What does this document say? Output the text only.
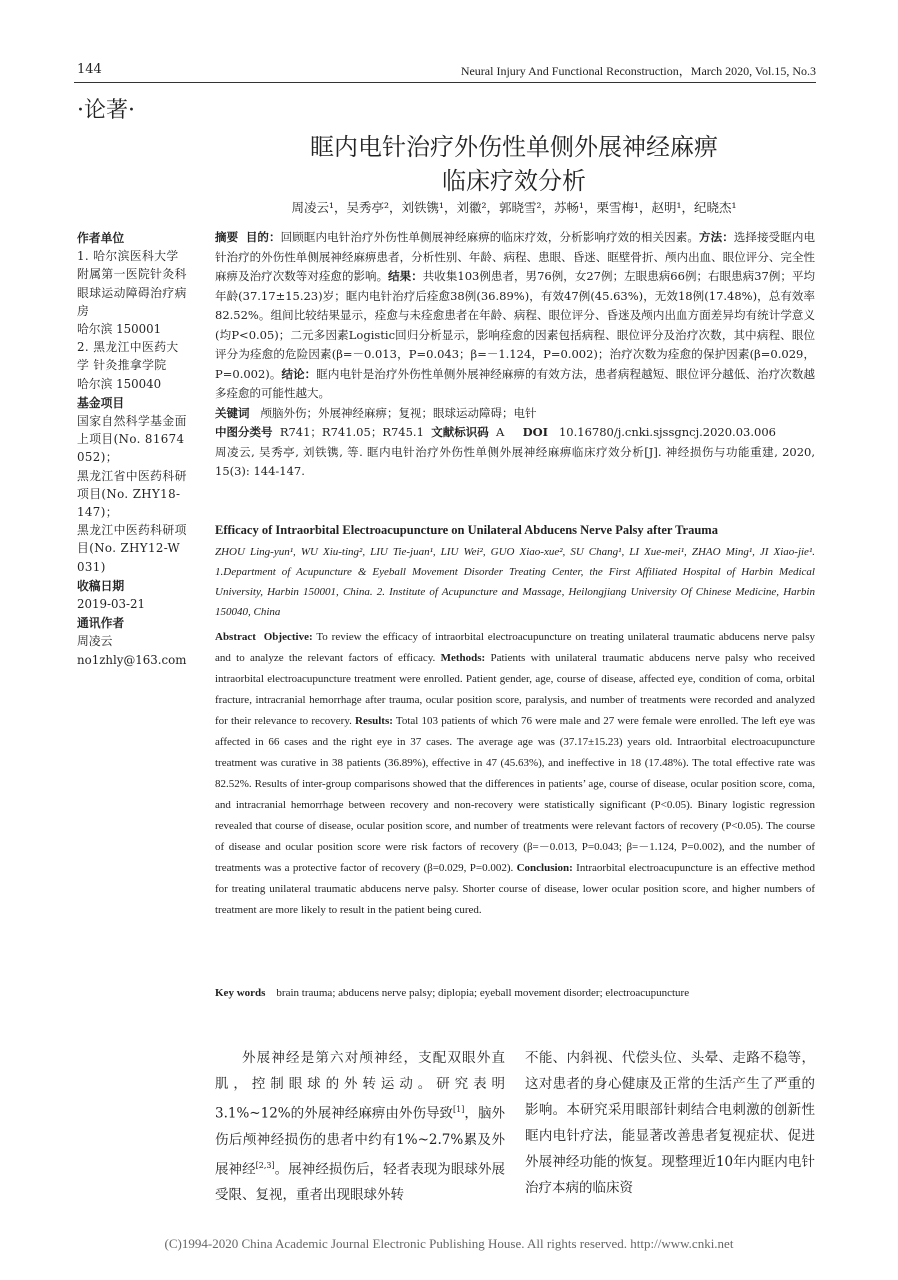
144	Neural Injury And Functional Reconstruction，March 2020, Vol.15, No.3
·论著·
眶内电针治疗外伤性单侧外展神经麻痹
临床疗效分析
周凌云¹，吴秀亭²，刘铁镌¹，刘徽²，郭晓雪²，苏畅¹，栗雪梅¹，赵明¹，纪晓杰¹
作者单位
1. 哈尔滨医科大学附属第一医院针灸科 眼球运动障碍治疗病房
哈尔滨 150001
2. 黑龙江中医药大学 针灸推拿学院
哈尔滨 150040
基金项目
国家自然科学基金面上项目(No. 81674052)；
黑龙江省中医药科研项目(No. ZHY18-147)；
黑龙江中医药科研项目(No. ZHY12-W031)
收稿日期
2019-03-21
通讯作者
周凌云
no1zhly@163.com
摘要 目的：回顾眶内电针治疗外伤性单侧展神经麻痹的临床疗效，分析影响疗效的相关因素。方法：选择接受眶内电针治疗的外伤性单侧展神经麻痹患者，分析性别、年龄、病程、患眼、昏迷、眶壁骨折、颅内出血、眼位评分、完全性麻痹及治疗次数等对痊愈的影响。结果：共收集103例患者，男76例，女27例；左眼患病66例；右眼患病37例；平均年龄(37.17±15.23)岁；眶内电针治疗后痊愈38例(36.89%)，有效47例(45.63%)，无效18例(17.48%)，总有效率82.52%。组间比较结果显示，痊愈与未痊愈患者在年龄、病程、眼位评分、昏迷及颅内出血方面差异均有统计学意义(均P<0.05)；二元多因素Logistic回归分析显示，影响痊愈的因素包括病程、眼位评分及治疗次数，其中病程、眼位评分为痊愈的危险因素(β=－0.013，P=0.043；β=－1.124，P=0.002)；治疗次数为痊愈的保护因素(β=0.029，P=0.002)。结论：眶内电针是治疗外伤性单侧外展神经麻痹的有效方法，患者病程越短、眼位评分越低、治疗次数越多痊愈的可能性越大。
关键词 颅脑外伤；外展神经麻痹；复视；眼球运动障碍；电针
中图分类号 R741；R741.05；R745.1 文献标识码 A DOI 10.16780/j.cnki.sjssgncj.2020.03.006
周凌云, 吴秀亭, 刘铁镌, 等. 眶内电针治疗外伤性单侧外展神经麻痹临床疗效分析[J]. 神经损伤与功能重建, 2020, 15(3): 144-147.
Efficacy of Intraorbital Electroacupuncture on Unilateral Abducens Nerve Palsy after Trauma
ZHOU Ling-yun¹, WU Xiu-ting², LIU Tie-juan¹, LIU Wei², GUO Xiao-xue², SU Chang¹, LI Xue-mei¹, ZHAO Ming¹, JI Xiao-jie¹. 1.Department of Acupuncture & Eyeball Movement Disorder Treating Center, the First Affiliated Hospital of Harbin Medical University, Harbin 150001, China. 2. Institute of Acupuncture and Massage, Heilongjiang University Of Chinese Medicine, Harbin 150040, China
Abstract Objective: To review the efficacy of intraorbital electroacupuncture on treating unilateral traumatic abducens nerve palsy and to analyze the relevant factors of efficacy. Methods: Patients with unilateral traumatic abducens nerve palsy who received intraorbital electroacupuncture treatment were enrolled. Patient gender, age, course of disease, affected eye, condition of coma, orbital fracture, intracranial hemorrhage after trauma, ocular position score, paralysis, and number of treatments were recorded and analyzed for their relevance to recovery. Results: Total 103 patients of which 76 were male and 27 were female were enrolled. The left eye was affected in 66 cases and the right eye in 37 cases. The average age was (37.17±15.23) years old. Intraorbital electroacupuncture treatment was curative in 38 patients (36.89%), effective in 47 (45.63%), and ineffective in 18 (17.48%). The total effective rate was 82.52%. Results of inter-group comparisons showed that the differences in patients’ age, course of disease, ocular position score, coma, and intracranial hemorrhage between recovery and non-recovery were statistically significant (P<0.05). Binary logistic regression revealed that course of disease, ocular position score, and number of treatments were relevant factors of recovery (P<0.05). The course of disease and ocular position score were risk factors of recovery (β=－0.013, P=0.043; β=－1.124, P=0.002), and the number of treatments was a protective factor of recovery (β=0.029, P=0.002). Conclusion: Intraorbital electroacupuncture is an effective method for treating unilateral traumatic abducens nerve palsy. Shorter course of disease, lower ocular position score, and higher numbers of treatment are more likely to result in the patient being cured.
Key words brain trauma; abducens nerve palsy; diplopia; eyeball movement disorder; electroacupuncture
外展神经是第六对颅神经，支配双眼外直肌，控制眼球的外转运动。研究表明3.1%~12%的外展神经麻痹由外伤导致[1]，脑外伤后颅神经损伤的患者中约有1%~2.7%累及外展神经[2,3]。展神经损伤后，轻者表现为眼球外展受限、复视，重者出现眼球外转
不能、内斜视、代偿头位、头晕、走路不稳等，这对患者的身心健康及正常的生活产生了严重的影响。本研究采用眼部针刺结合电刺激的创新性眶内电针疗法，能显著改善患者复视症状、促进外展神经功能的恢复。现整理近10年内眶内电针治疗本病的临床资
(C)1994-2020 China Academic Journal Electronic Publishing House. All rights reserved. http://www.cnki.net
